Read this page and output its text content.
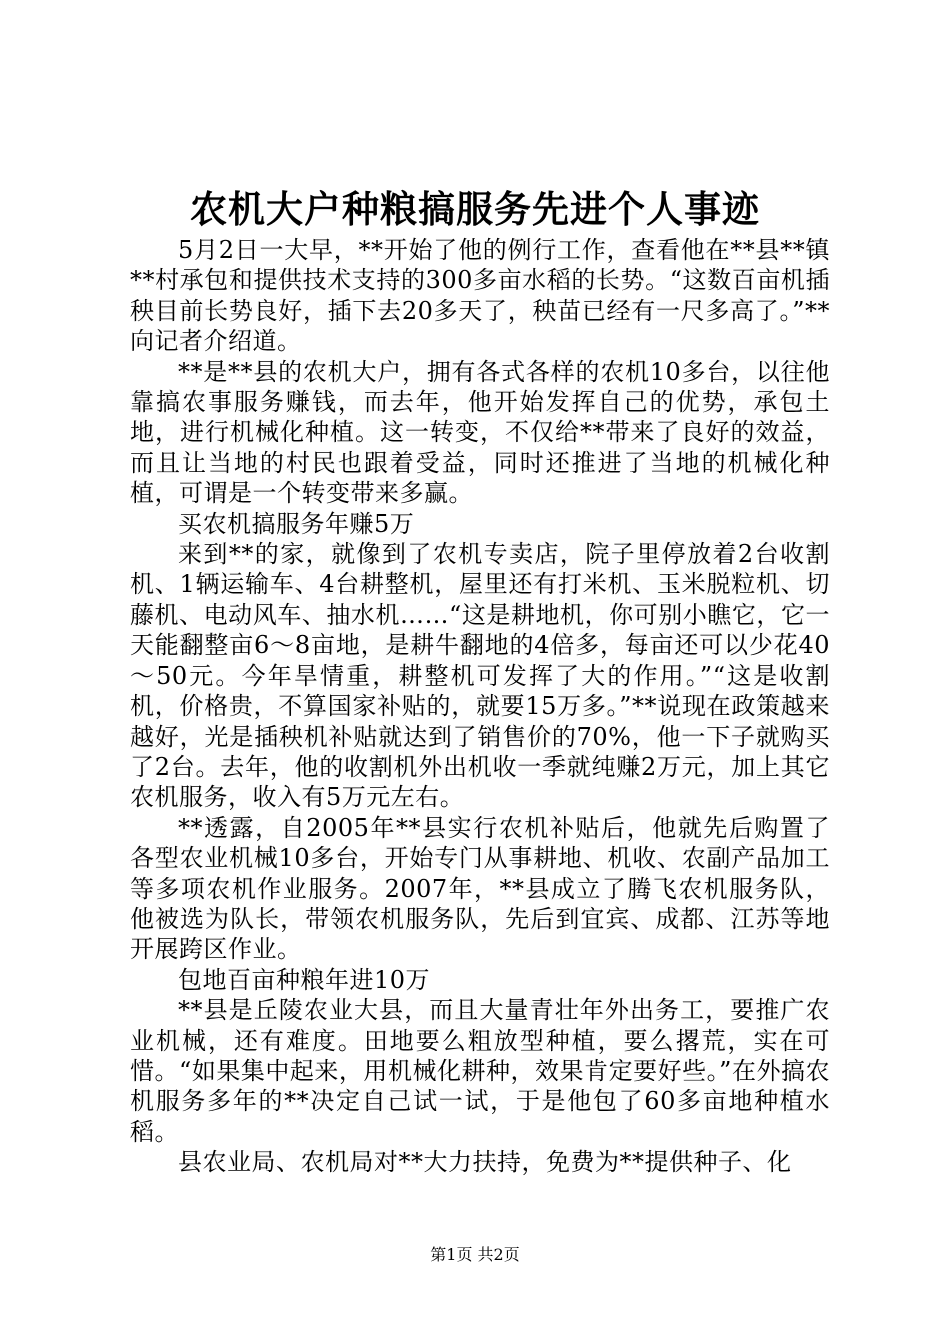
农机大户种粮搞服务先进个人事迹

5月2日一大早，**开始了他的例行工作，查看他在**县**镇**村承包和提供技术支持的300多亩水稻的长势。“这数百亩机插秧目前长势良好，插下去20多天了，秧苗已经有一尺多高了。”**向记者介绍道。

**是**县的农机大户，拥有各式各样的农机10多台，以往他靠搞农事服务赚钱，而去年，他开始发挥自己的优势，承包土地，进行机械化种植。这一转变，不仅给**带来了良好的效益，而且让当地的村民也跟着受益，同时还推进了当地的机械化种植，可谓是一个转变带来多赢。

买农机搞服务年赚5万

来到**的家，就像到了农机专卖店，院子里停放着2台收割机、1辆运输车、4台耕整机，屋里还有打米机、玉米脱粒机、切藤机、电动风车、抽水机……“这是耕地机，你可别小瞧它，它一天能翻整亩6～8亩地，是耕牛翻地的4倍多，每亩还可以少花40～50元。今年旱情重，耕整机可发挥了大的作用。”“这是收割机，价格贵，不算国家补贴的，就要15万多。”**说现在政策越来越好，光是插秧机补贴就达到了销售价的70%，他一下子就购买了2台。去年，他的收割机外出机收一季就纯赚2万元，加上其它农机服务，收入有5万元左右。

**透露，自2005年**县实行农机补贴后，他就先后购置了各型农业机械10多台，开始专门从事耕地、机收、农副产品加工等多项农机作业服务。2007年，**县成立了腾飞农机服务队，他被选为队长，带领农机服务队，先后到宜宾、成都、江苏等地开展跨区作业。

包地百亩种粮年进10万

**县是丘陵农业大县，而且大量青壮年外出务工，要推广农业机械，还有难度。田地要么粗放型种植，要么撂荒，实在可惜。“如果集中起来，用机械化耕种，效果肯定要好些。”在外搞农机服务多年的**决定自己试一试，于是他包了60多亩地种植水稻。

县农业局、农机局对**大力扶持，免费为**提供种子、化

第1页 共2页
